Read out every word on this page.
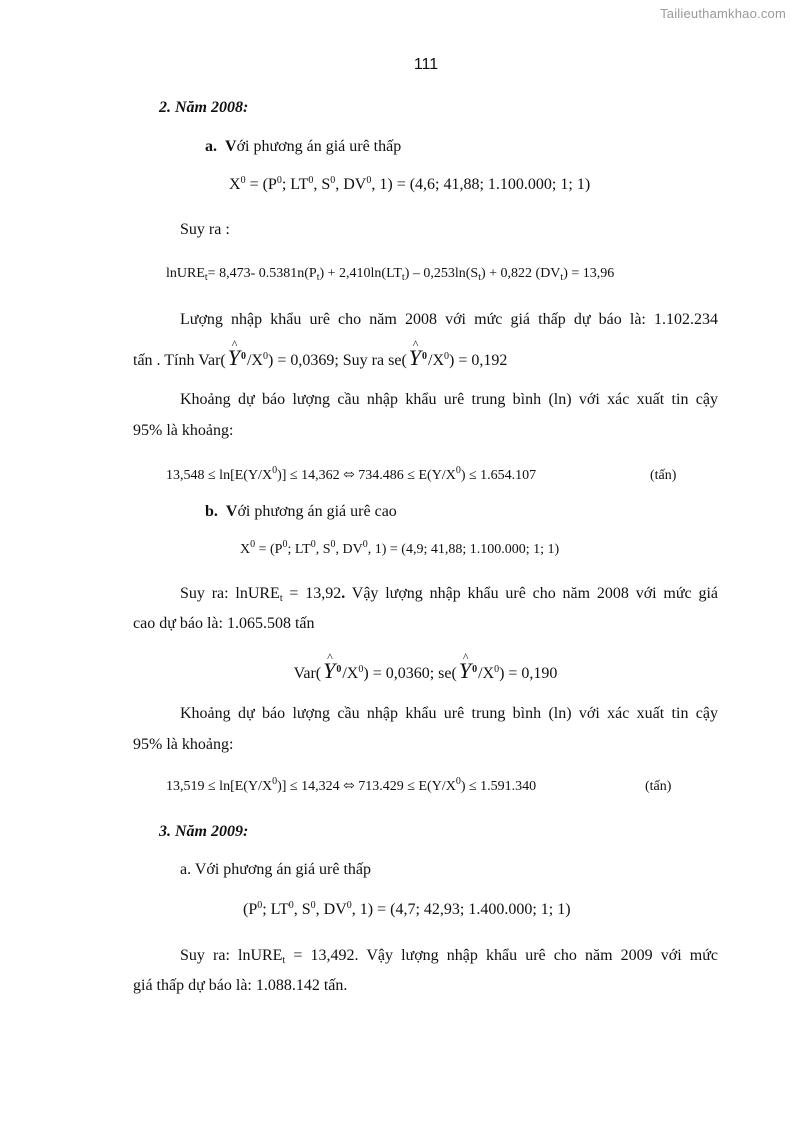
Tailieuthamkhao.com
111
2. Năm 2008:
a. Với phương án giá urê thấp
$X^0 = (P^0$; $LT^0$, $S^0$, $DV^0$, 1) = (4,6; 41,88; 1.100.000; 1; 1)
Suy ra :
lnURE$_t$= 8,473- $0.5381n(P_t) + 2,410\ln(LT_t) - 0,253\ln(S_t) + 0,822$ $(DV_t) = 13,96$
Lượng nhập khẩu urê cho năm 2008 với mức giá thấp dự báo là: 1.102.234
tấn . Tính Var(^ $Y^0/X^0) = 0,0369$; Suy ra se(^ $Y^0/X^0) = 0,192$
Khoảng dự báo lượng cầu nhập khẩu urê trung bình (ln) với xác xuất tin cậy
95% là khoảng:
$13,548 \le \ln[E(Y/X^0)] \le 14,362$ ⬄ $734.486 \le E(Y/X^0) \le 1.654.107$	(tấn)
b. Với phương án giá urê cao
$X^0 = (P^0$; $LT^0$, $S^0$, $DV^0$, 1) = (4,9; 41,88; 1.100.000; 1; 1)
Suy ra: lnURE$_t$ = 13,92. Vậy lượng nhập khẩu urê cho năm 2008 với mức giá
cao dự báo là: 1.065.508 tấn
Var(^ $Y^0/X^0) = 0,0360$; se(^ $Y^0/X^0) = 0,190$
Khoảng dự báo lượng cầu nhập khẩu urê trung bình (ln) với xác xuất tin cậy
95% là khoảng:
$13,519 \le \ln[E(Y/X^0)] \le 14,324$ ⬄ $713.429 \le E(Y/X^0) \le 1.591.340$	(tấn)
3. Năm 2009:
a. Với phương án giá urê thấp
($P^0$; $LT^0$, $S^0$, $DV^0$, 1) = (4,7; 42,93; 1.400.000; 1; 1)
Suy ra: lnURE$_t$ = 13,492. Vậy lượng nhập khẩu urê cho năm 2009 với mức
giá thấp dự báo là: 1.088.142 tấn.
